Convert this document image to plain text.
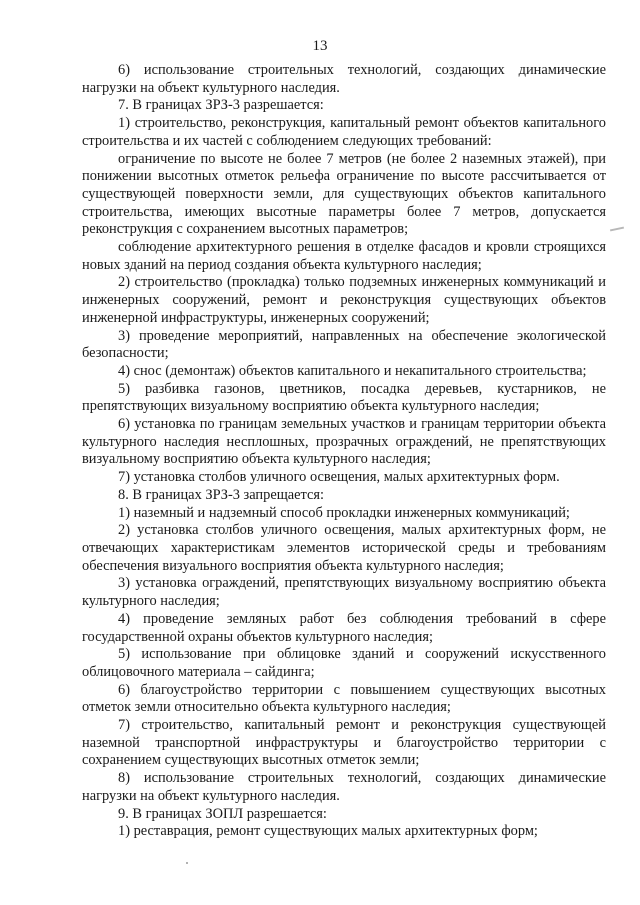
13

6) использование строительных технологий, создающих динамические нагрузки на объект культурного наследия.

7. В границах ЗРЗ-3 разрешается:

1) строительство, реконструкция, капитальный ремонт объектов капитального строительства и их частей с соблюдением следующих требований:

ограничение по высоте не более 7 метров (не более 2 наземных этажей), при понижении высотных отметок рельефа ограничение по высоте рассчитывается от существующей поверхности земли, для существующих объектов капитального строительства, имеющих высотные параметры более 7 метров, допускается реконструкция с сохранением высотных параметров;

соблюдение архитектурного решения в отделке фасадов и кровли строящихся новых зданий на период создания объекта культурного наследия;

2) строительство (прокладка) только подземных инженерных коммуникаций и инженерных сооружений, ремонт и реконструкция существующих объектов инженерной инфраструктуры, инженерных сооружений;

3) проведение мероприятий, направленных на обеспечение экологической безопасности;

4) снос (демонтаж) объектов капитального и некапитального строительства;

5) разбивка газонов, цветников, посадка деревьев, кустарников, не препятствующих визуальному восприятию объекта культурного наследия;

6) установка по границам земельных участков и границам территории объекта культурного наследия несплошных, прозрачных ограждений, не препятствующих визуальному восприятию объекта культурного наследия;

7) установка столбов уличного освещения, малых архитектурных форм.

8. В границах ЗРЗ-3 запрещается:

1) наземный и надземный способ прокладки инженерных коммуникаций;

2) установка столбов уличного освещения, малых архитектурных форм, не отвечающих характеристикам элементов исторической среды и требованиям обеспечения визуального восприятия объекта культурного наследия;

3) установка ограждений, препятствующих визуальному восприятию объекта культурного наследия;

4) проведение земляных работ без соблюдения требований в сфере государственной охраны объектов культурного наследия;

5) использование при облицовке зданий и сооружений искусственного облицовочного материала – сайдинга;

6) благоустройство территории с повышением существующих высотных отметок земли относительно объекта культурного наследия;

7) строительство, капитальный ремонт и реконструкция существующей наземной транспортной инфраструктуры и благоустройство территории с сохранением существующих высотных отметок земли;

8) использование строительных технологий, создающих динамические нагрузки на объект культурного наследия.

9. В границах ЗОПЛ разрешается:

1) реставрация, ремонт существующих малых архитектурных форм;
